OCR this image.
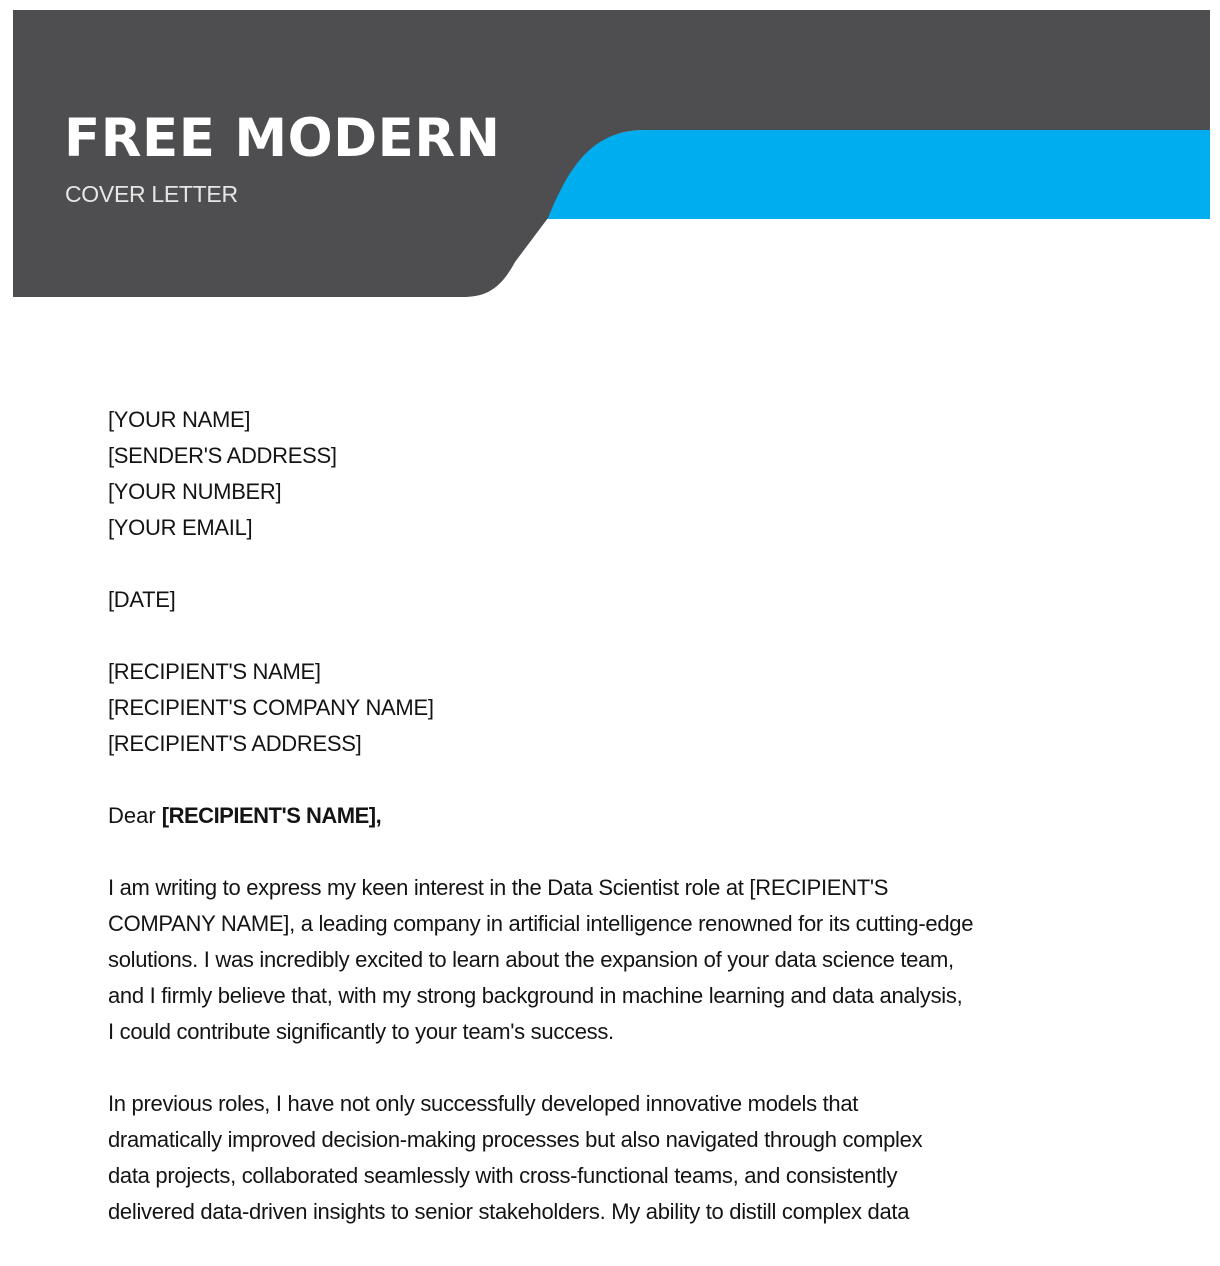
FREE MODERN

COVER LETTER

[YOUR NAME]
[SENDER'S ADDRESS]
[YOUR NUMBER]
[YOUR EMAIL]
[DATE]
[RECIPIENT'S NAME]
[RECIPIENT'S COMPANY NAME]
[RECIPIENT'S ADDRESS]

Dear [RECIPIENT'S NAME],

I am writing to express my keen interest in the Data Scientist role at [RECIPIENT'S
COMPANY NAME], a leading company in artificial intelligence renowned for its cutting-edge
solutions. I was incredibly excited to learn about the expansion of your data science team,
and I firmly believe that, with my strong background in machine learning and data analysis,
I could contribute significantly to your team's success.
In previous roles, I have not only successfully developed innovative models that
dramatically improved decision-making processes but also navigated through complex
data projects, collaborated seamlessly with cross-functional teams, and consistently
delivered data-driven insights to senior stakeholders. My ability to distill complex data
